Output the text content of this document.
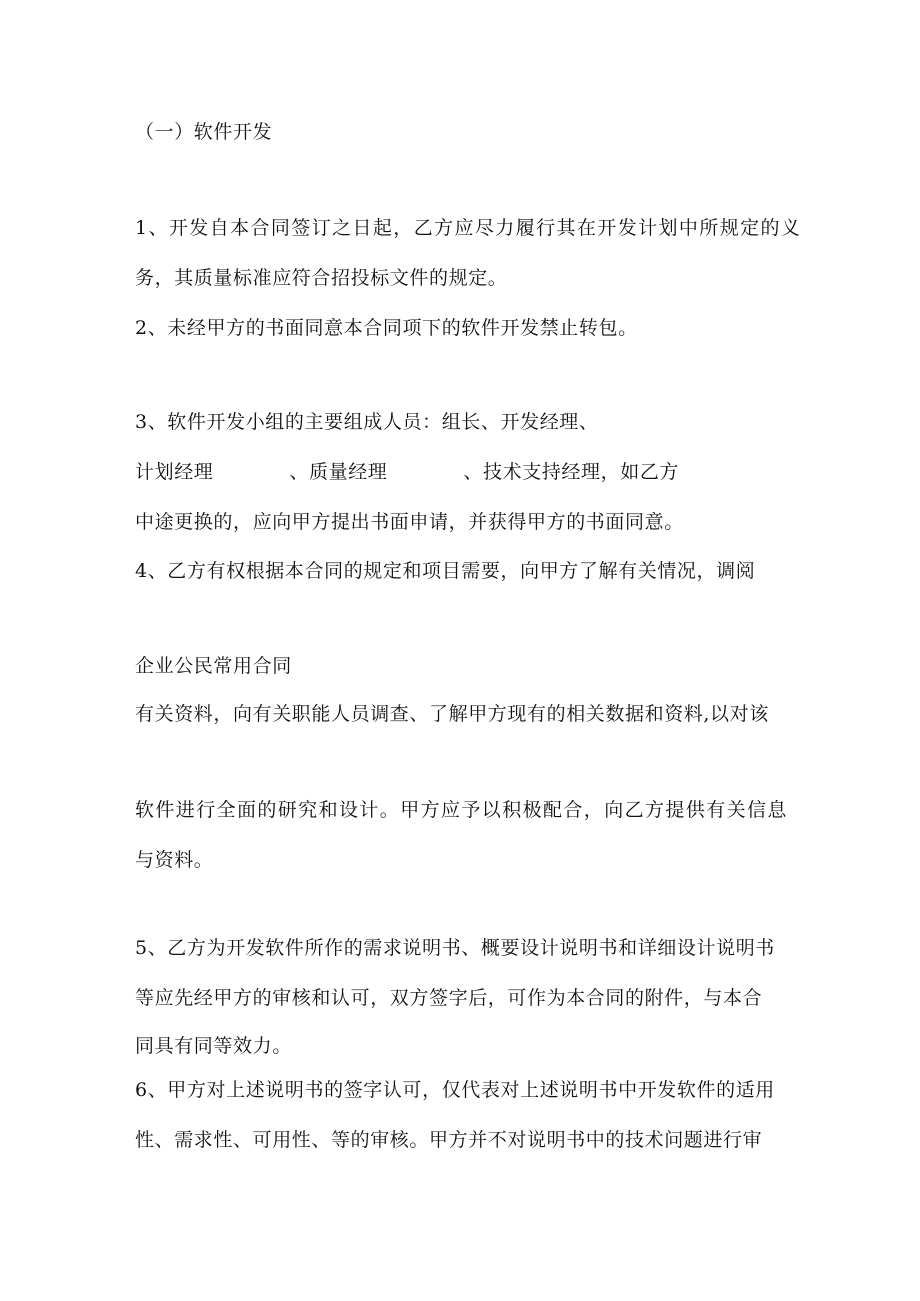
（一）软件开发
1、开发自本合同签订之日起，乙方应尽力履行其在开发计划中所规定的义
务，其质量标准应符合招投标文件的规定。
2、未经甲方的书面同意本合同项下的软件开发禁止转包。
3、软件开发小组的主要组成人员：组长、开发经理、
计划经理	、质量经理	、技术支持经理，如乙方
中途更换的，应向甲方提出书面申请，并获得甲方的书面同意。
4、乙方有权根据本合同的规定和项目需要，向甲方了解有关情况，调阅
企业公民常用合同
有关资料，向有关职能人员调查、了解甲方现有的相关数据和资料,以对该
软件进行全面的研究和设计。甲方应予以积极配合，向乙方提供有关信息
与资料。
5、乙方为开发软件所作的需求说明书、概要设计说明书和详细设计说明书
等应先经甲方的审核和认可，双方签字后，可作为本合同的附件，与本合
同具有同等效力。
6、甲方对上述说明书的签字认可，仅代表对上述说明书中开发软件的适用
性、需求性、可用性、等的审核。甲方并不对说明书中的技术问题进行审
